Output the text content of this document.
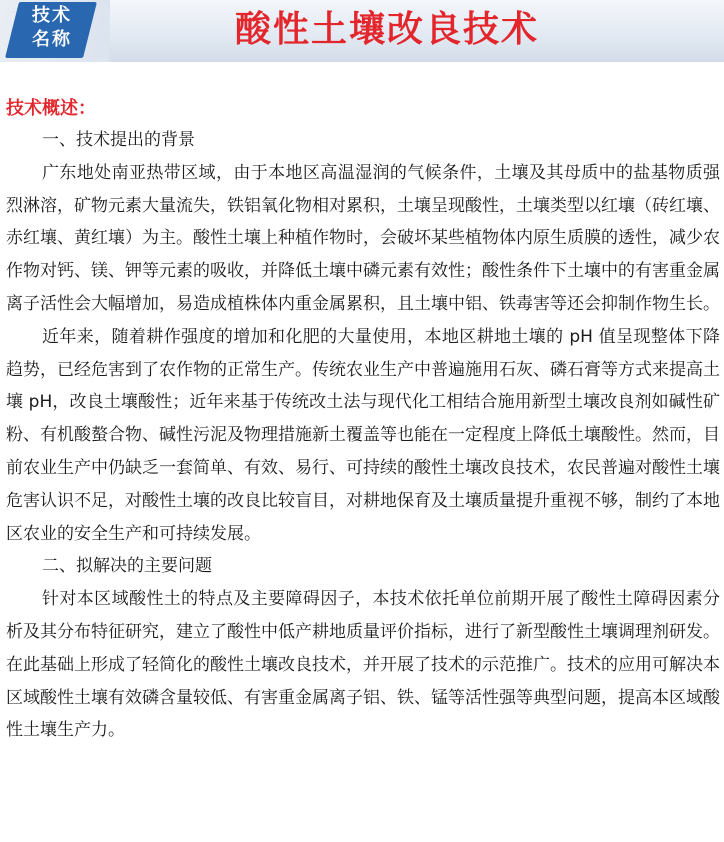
技术
名称	酸性土壤改良技术

技术概述：

一、技术提出的背景

广东地处南亚热带区域，由于本地区高温湿润的气候条件，土壤及其母质中的盐基物质强烈淋溶，矿物元素大量流失，铁铝氧化物相对累积，土壤呈现酸性，土壤类型以红壤（砖红壤、赤红壤、黄红壤）为主。酸性土壤上种植作物时，会破坏某些植物体内原生质膜的透性，减少农作物对钙、镁、钾等元素的吸收，并降低土壤中磷元素有效性；酸性条件下土壤中的有害重金属离子活性会大幅增加，易造成植株体内重金属累积，且土壤中铝、铁毒害等还会抑制作物生长。

近年来，随着耕作强度的增加和化肥的大量使用，本地区耕地土壤的 pH 值呈现整体下降趋势，已经危害到了农作物的正常生产。传统农业生产中普遍施用石灰、磷石膏等方式来提高土壤 pH，改良土壤酸性；近年来基于传统改土法与现代化工相结合施用新型土壤改良剂如碱性矿粉、有机酸螯合物、碱性污泥及物理措施新土覆盖等也能在一定程度上降低土壤酸性。然而，目前农业生产中仍缺乏一套简单、有效、易行、可持续的酸性土壤改良技术，农民普遍对酸性土壤危害认识不足，对酸性土壤的改良比较盲目，对耕地保育及土壤质量提升重视不够，制约了本地区农业的安全生产和可持续发展。

二、拟解决的主要问题

针对本区域酸性土的特点及主要障碍因子，本技术依托单位前期开展了酸性土障碍因素分析及其分布特征研究，建立了酸性中低产耕地质量评价指标，进行了新型酸性土壤调理剂研发。在此基础上形成了轻简化的酸性土壤改良技术，并开展了技术的示范推广。技术的应用可解决本区域酸性土壤有效磷含量较低、有害重金属离子铝、铁、锰等活性强等典型问题，提高本区域酸性土壤生产力。
